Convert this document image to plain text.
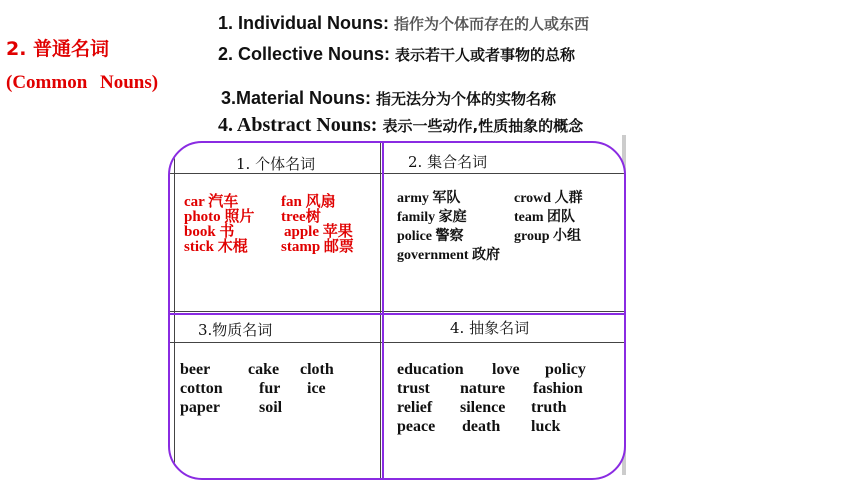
2. 普通名词
(Common Nouns)
1. Individual Nouns: 指作为个体而存在的人或东西
2. Collective Nouns: 表示若干人或者事物的总称
3.Material Nouns: 指无法分为个体的实物名称
4. Abstract Nouns: 表示一些动作,性质抽象的概念
1. 个体名词
car 汽车	fan 风扇
photo 照片 tree树
book 书	apple 苹果
stick 木棍 stamp 邮票
2. 集合名词
army 军队	crowd 人群
family 家庭	team 团队
police 警察	group 小组
government 政府
3.物质名词
beer cake cloth
cotton fur ice
paper soil
4. 抽象名词
education love policy
trust nature fashion
relief silence truth
peace death luck
